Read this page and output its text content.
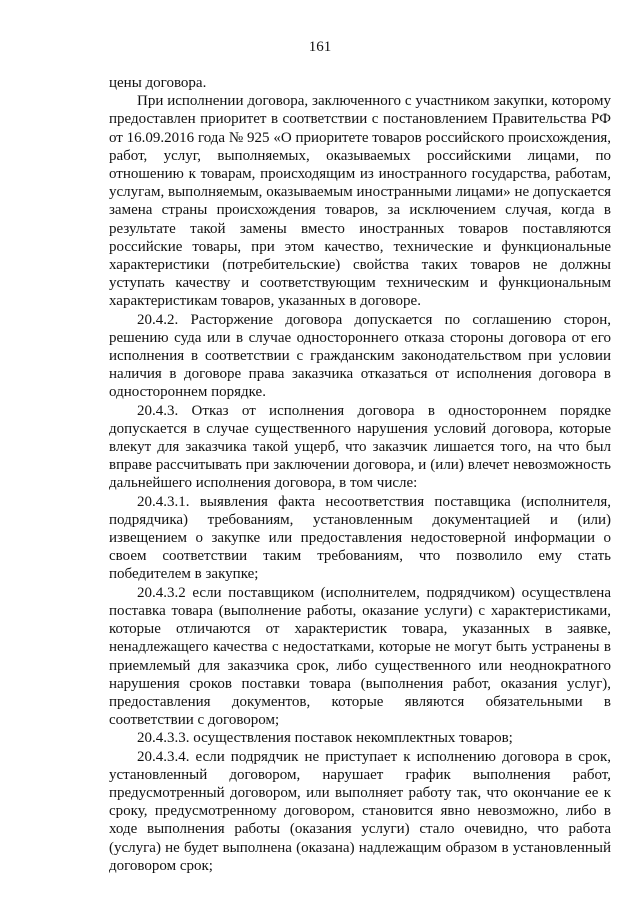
161

цены договора.

При исполнении договора, заключенного с участником закупки, которому предоставлен приоритет в соответствии с постановлением Правительства РФ от 16.09.2016 года № 925 «О приоритете товаров российского происхождения, работ, услуг, выполняемых, оказываемых российскими лицами, по отношению к товарам, происходящим из иностранного государства, работам, услугам, выполняемым, оказываемым иностранными лицами» не допускается замена страны происхождения товаров, за исключением случая, когда в результате такой замены вместо иностранных товаров поставляются российские товары, при этом качество, технические и функциональные характеристики (потребительские) свойства таких товаров не должны уступать качеству и соответствующим техническим и функциональным характеристикам товаров, указанных в договоре.

20.4.2. Расторжение договора допускается по соглашению сторон, решению суда или в случае одностороннего отказа стороны договора от его исполнения в соответствии с гражданским законодательством при условии наличия в договоре права заказчика отказаться от исполнения договора в одностороннем порядке.

20.4.3. Отказ от исполнения договора в одностороннем порядке допускается в случае существенного нарушения условий договора, которые влекут для заказчика такой ущерб, что заказчик лишается того, на что был вправе рассчитывать при заключении договора, и (или) влечет невозможность дальнейшего исполнения договора, в том числе:

20.4.3.1. выявления факта несоответствия поставщика (исполнителя, подрядчика) требованиям, установленным документацией и (или) извещением о закупке или предоставления недостоверной информации о своем соответствии таким требованиям, что позволило ему стать победителем в закупке;

20.4.3.2 если поставщиком (исполнителем, подрядчиком) осуществлена поставка товара (выполнение работы, оказание услуги) с характеристиками, которые отличаются от характеристик товара, указанных в заявке, ненадлежащего качества с недостатками, которые не могут быть устранены в приемлемый для заказчика срок, либо существенного или неоднократного нарушения сроков поставки товара (выполнения работ, оказания услуг), предоставления документов, которые являются обязательными в соответствии с договором;

20.4.3.3. осуществления поставок некомплектных товаров;

20.4.3.4. если подрядчик не приступает к исполнению договора в срок, установленный договором, нарушает график выполнения работ, предусмотренный договором, или выполняет работу так, что окончание ее к сроку, предусмотренному договором, становится явно невозможно, либо в ходе выполнения работы (оказания услуги) стало очевидно, что работа (услуга) не будет выполнена (оказана) надлежащим образом в установленный договором срок;
